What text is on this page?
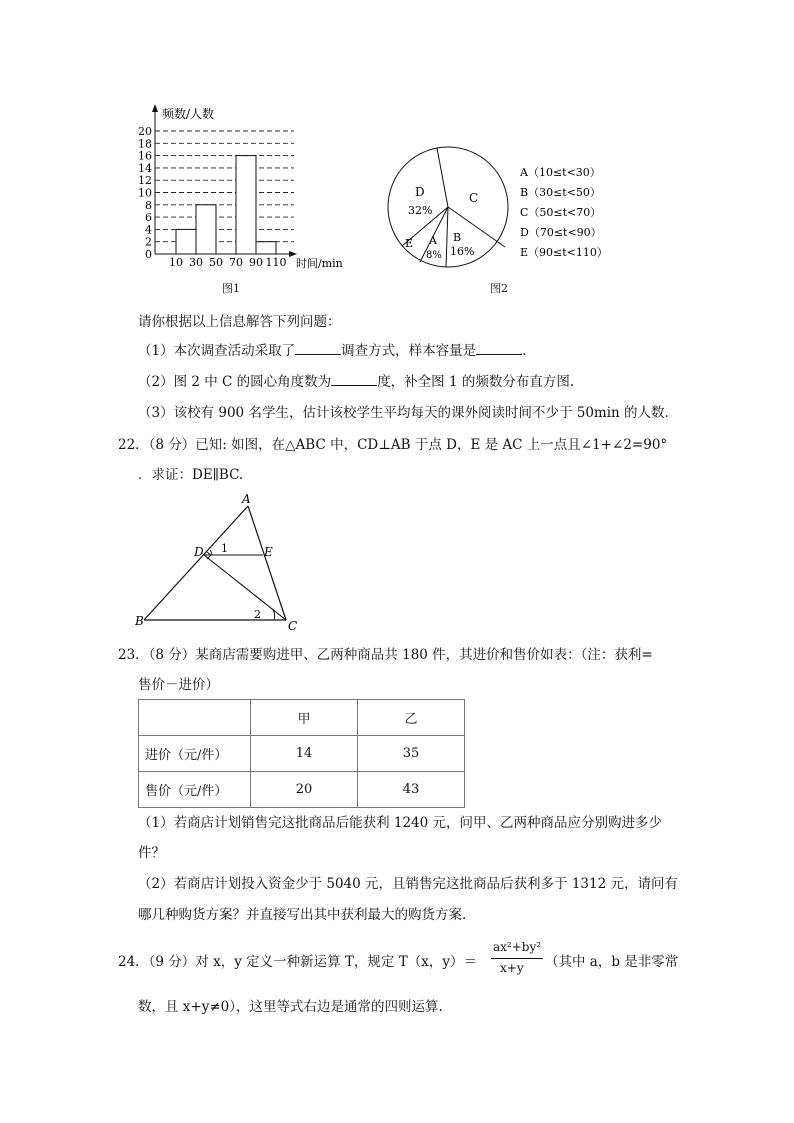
0
2
4
6
8
10
12
14
16
18
20
10 30 50 70 90 110
频数/人数
时间/min
图1
C
D
32%
E A
8%
B
16%
A（10≤t<30）
B（30≤t<50）
C（50≤t<70）
D（70≤t<90）
E（90≤t<110）
图2
请你根据以上信息解答下列问题：
（1）本次调查活动采取了	调查方式，样本容量是	.
（2）图 2 中 C 的圆心角度数为	度，补全图 1 的频数分布直方图.
（3）该校有 900 名学生，估计该校学生平均每天的课外阅读时间不少于 50min 的人数.
22．（8 分）已知: 如图，在△ABC 中，CD⊥AB 于点 D，E 是 AC 上一点且∠1+∠2=90°
．求证：DE∥BC.
A
B	C
D	E
1
2
23．（8 分）某商店需要购进甲、乙两种商品共 180 件，其进价和售价如表：（注：获利=
售价－进价）
	甲	乙
进价（元/件）	14	35
售价（元/件）	20	43
（1）若商店计划销售完这批商品后能获利 1240 元，问甲、乙两种商品应分别购进多少
件？
（2）若商店计划投入资金少于 5040 元，且销售完这批商品后获利多于 1312 元，请问有
哪几种购货方案？并直接写出其中获利最大的购货方案.
24．（9 分）对 x，y 定义一种新运算 T，规定 T（x，y）＝
ax²+by²
x+y （其中 a，b 是非零常
数，且 x+y≠0），这里等式右边是通常的四则运算.
